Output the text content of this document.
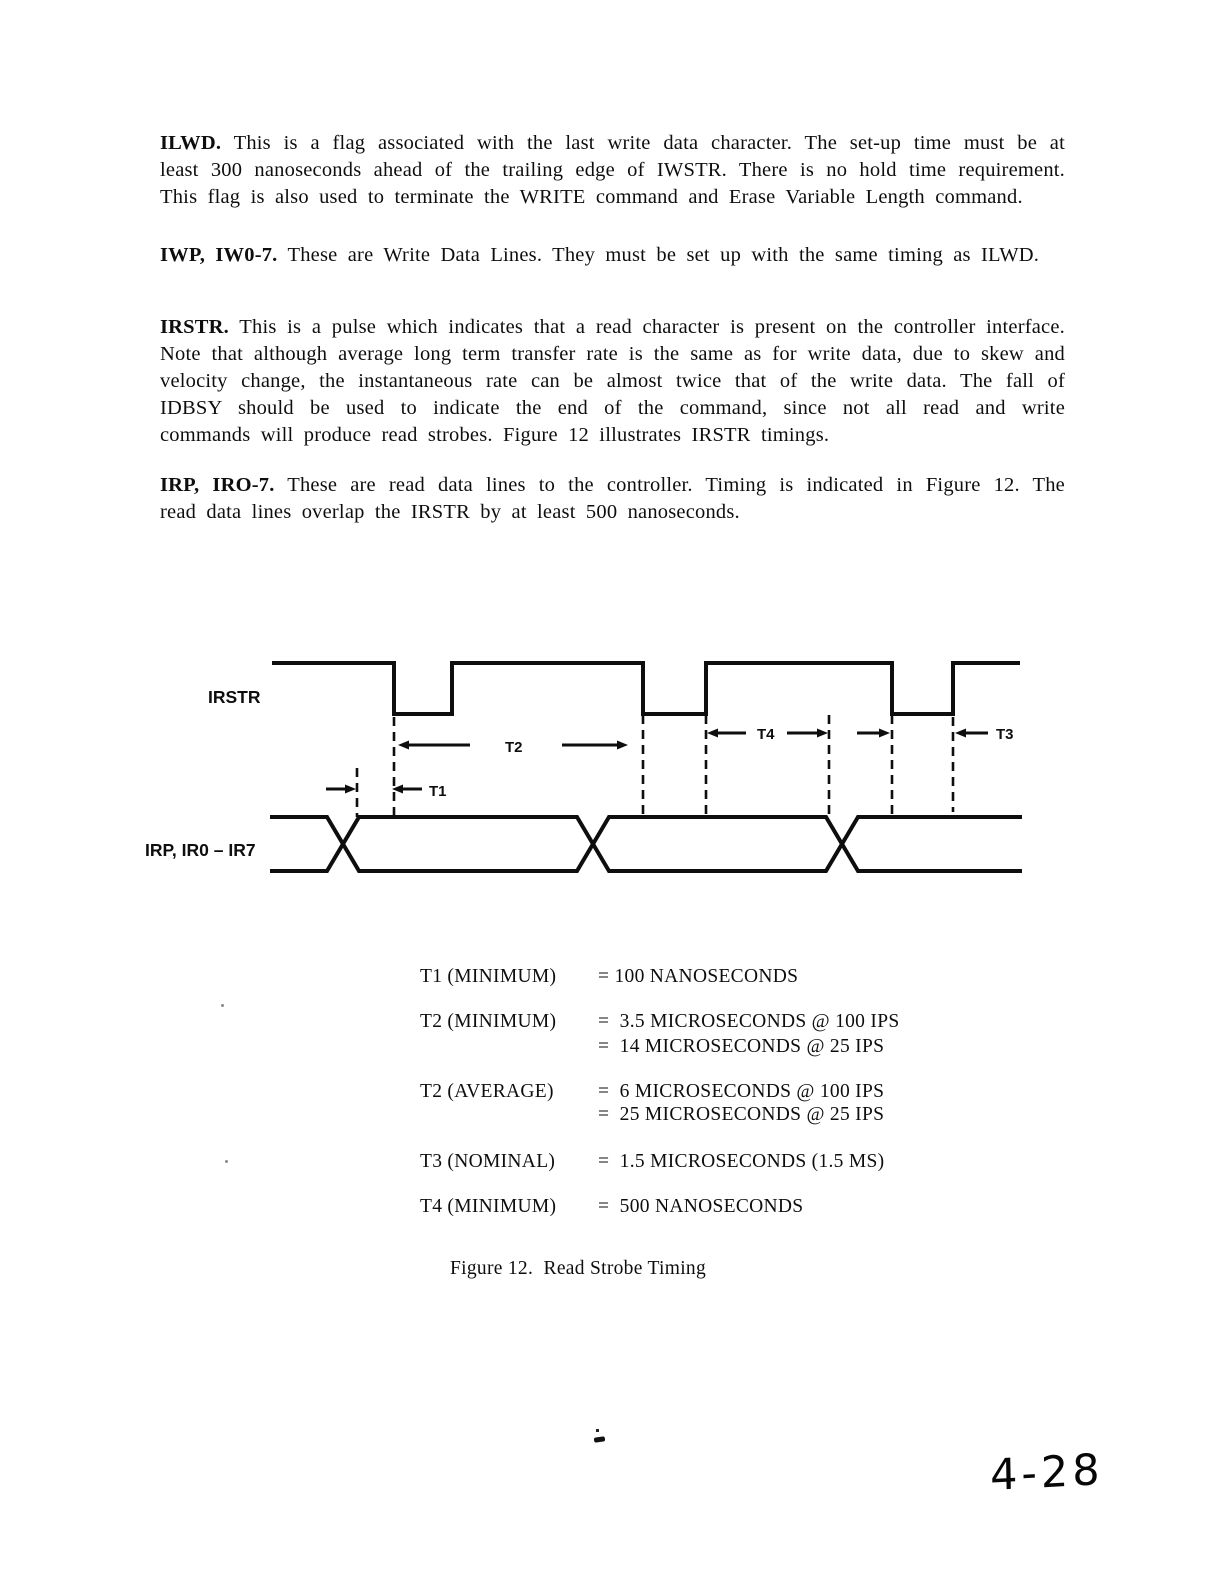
ILWD. This is a flag associated with the last write data character. The set-up time must be at least 300 nanoseconds ahead of the trailing edge of IWSTR. There is no hold time requirement. This flag is also used to terminate the WRITE command and Erase Variable Length command.

IWP, IW0-7. These are Write Data Lines. They must be set up with the same timing as ILWD.

IRSTR. This is a pulse which indicates that a read character is present on the controller interface. Note that although average long term transfer rate is the same as for write data, due to skew and velocity change, the instantaneous rate can be almost twice that of the write data. The fall of IDBSY should be used to indicate the end of the command, since not all read and write commands will produce read strobes. Figure 12 illustrates IRSTR timings.

IRP, IRO-7. These are read data lines to the controller. Timing is indicated in Figure 12. The read data lines overlap the IRSTR by at least 500 nanoseconds.

IRSTR
IRP, IR0 – IR7
T1
T2
T4	T3
T1 (MINIMUM) = 100 NANOSECONDS
T2 (MINIMUM) =  3.5 MICROSECONDS @ 100 IPS
=  14 MICROSECONDS @ 25 IPS
T2 (AVERAGE) =  6 MICROSECONDS @ 100 IPS
=  25 MICROSECONDS @ 25 IPS
T3 (NOMINAL) =  1.5 MICROSECONDS (1.5 MS)
T4 (MINIMUM) =  500 NANOSECONDS
Figure 12.  Read Strobe Timing
4-28
